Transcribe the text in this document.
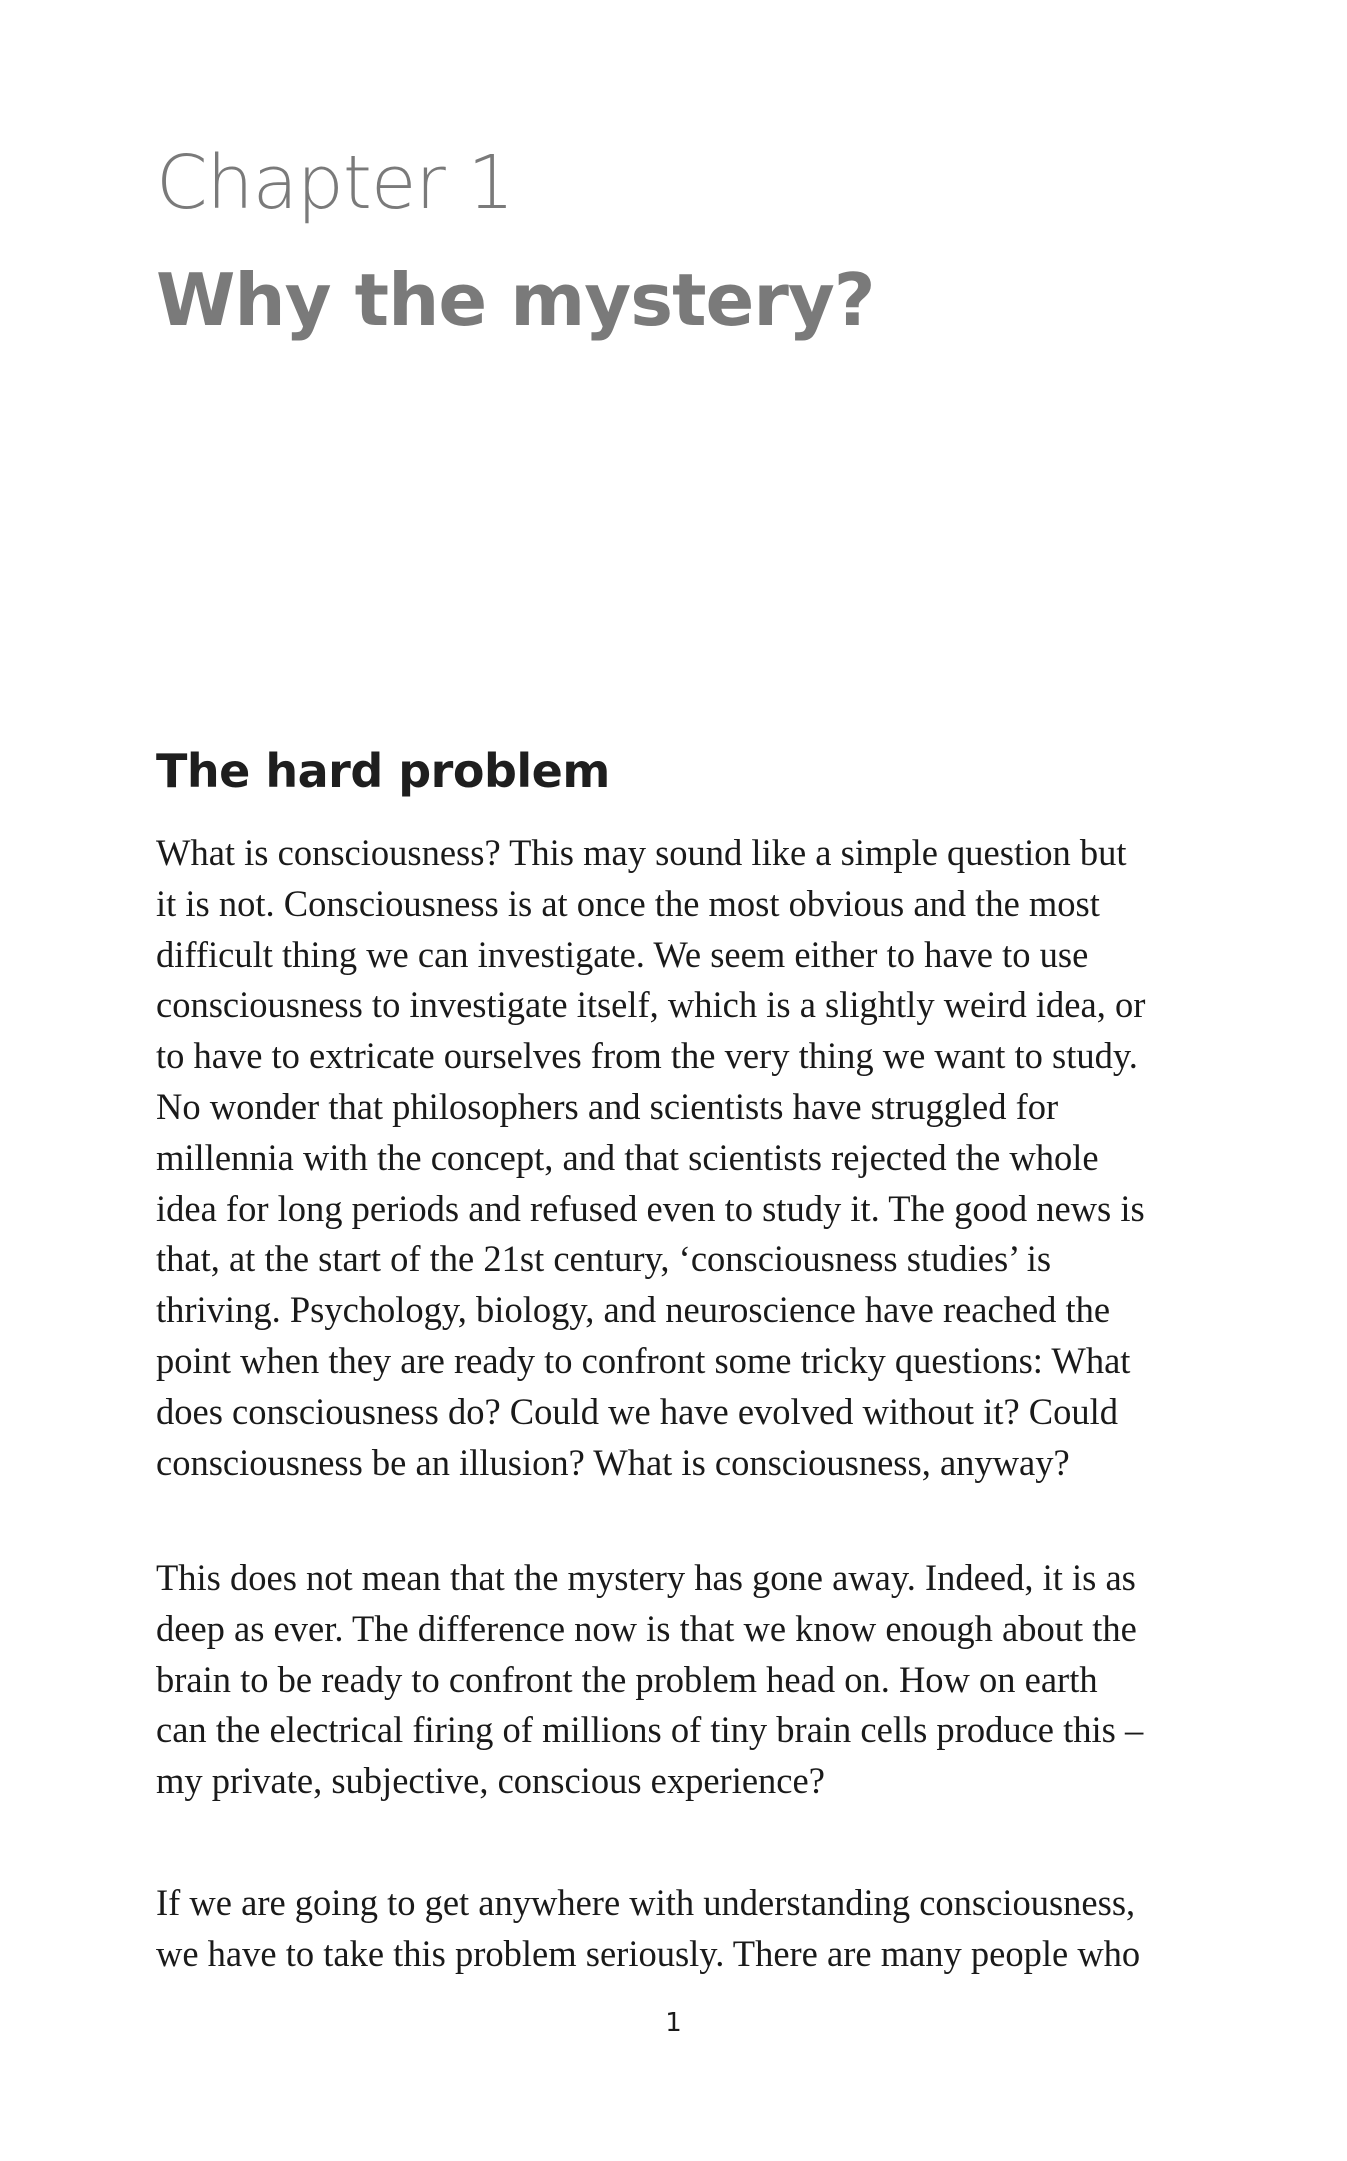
Chapter 1
Why the mystery?
The hard problem

What is consciousness? This may sound like a simple question but
it is not. Consciousness is at once the most obvious and the most
difficult thing we can investigate. We seem either to have to use
consciousness to investigate itself, which is a slightly weird idea, or
to have to extricate ourselves from the very thing we want to study.
No wonder that philosophers and scientists have struggled for
millennia with the concept, and that scientists rejected the whole
idea for long periods and refused even to study it. The good news is
that, at the start of the 21st century, ‘consciousness studies’ is
thriving. Psychology, biology, and neuroscience have reached the
point when they are ready to confront some tricky questions: What
does consciousness do? Could we have evolved without it? Could
consciousness be an illusion? What is consciousness, anyway?

This does not mean that the mystery has gone away. Indeed, it is as
deep as ever. The difference now is that we know enough about the
brain to be ready to confront the problem head on. How on earth
can the electrical firing of millions of tiny brain cells produce this –
my private, subjective, conscious experience?

If we are going to get anywhere with understanding consciousness,
we have to take this problem seriously. There are many people who

1
